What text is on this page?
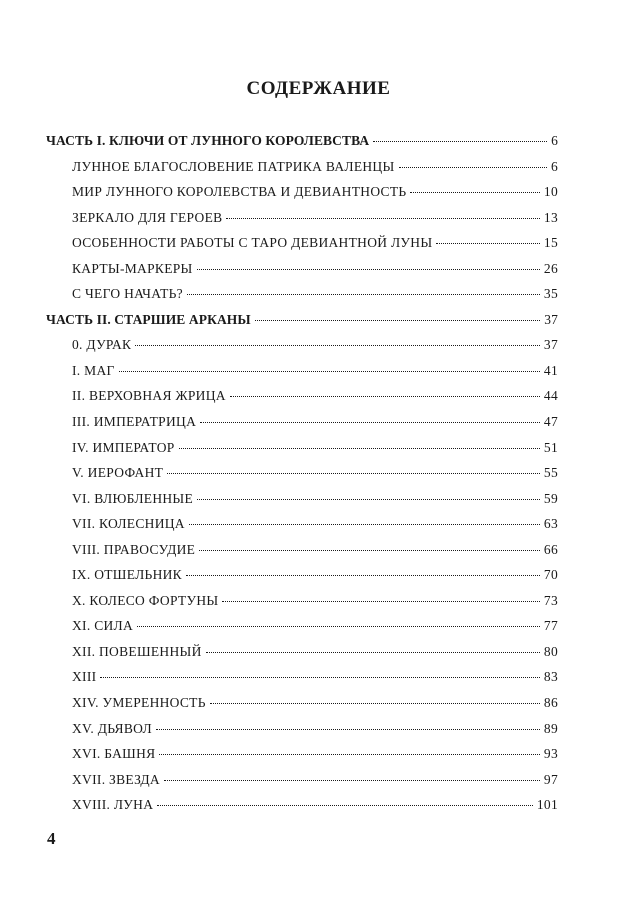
СОДЕРЖАНИЕ
ЧАСТЬ I. КЛЮЧИ ОТ ЛУННОГО КОРОЛЕВСТВА	6
ЛУННОЕ БЛАГОСЛОВЕНИЕ ПАТРИКА ВАЛЕНЦЫ	6
МИР ЛУННОГО КОРОЛЕВСТВА И ДЕВИАНТНОСТЬ	10
ЗЕРКАЛО ДЛЯ ГЕРОЕВ	13
ОСОБЕННОСТИ РАБОТЫ С ТАРО ДЕВИАНТНОЙ ЛУНЫ	15
КАРТЫ-МАРКЕРЫ	26
С ЧЕГО НАЧАТЬ?	35
ЧАСТЬ II. СТАРШИЕ АРКАНЫ	37
0. ДУРАК	37
I. МАГ	41
II. ВЕРХОВНАЯ ЖРИЦА	44
III. ИМПЕРАТРИЦА	47
IV. ИМПЕРАТОР	51
V. ИЕРОФАНТ	55
VI. ВЛЮБЛЕННЫЕ	59
VII. КОЛЕСНИЦА	63
VIII. ПРАВОСУДИЕ	66
IX. ОТШЕЛЬНИК	70
X. КОЛЕСО ФОРТУНЫ	73
XI. СИЛА	77
XII. ПОВЕШЕННЫЙ	80
XIII	83
XIV. УМЕРЕННОСТЬ	86
XV. ДЬЯВОЛ	89
XVI. БАШНЯ	93
XVII. ЗВЕЗДА	97
XVIII. ЛУНА	101
4
